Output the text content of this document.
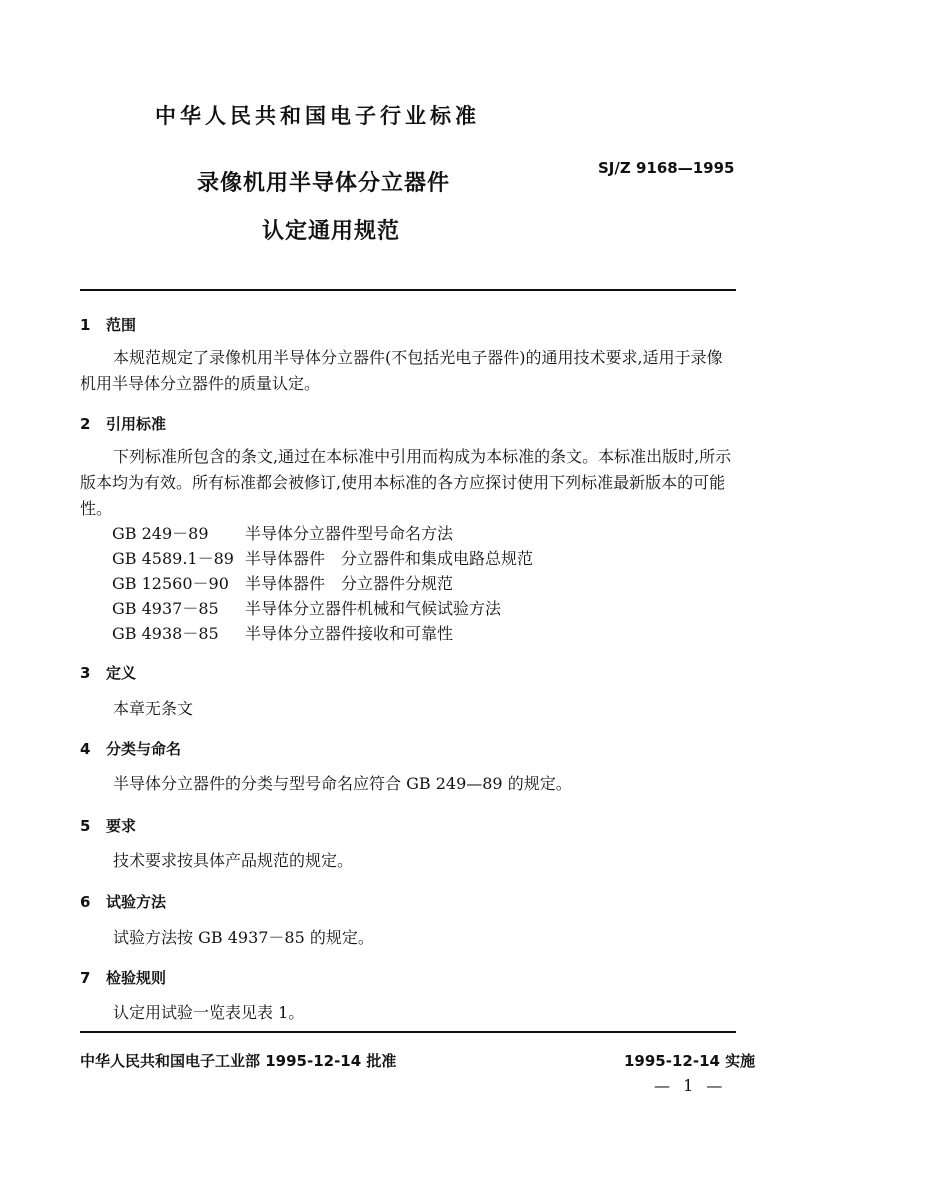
中华人民共和国电子行业标准
SJ/Z 9168—1995
录像机用半导体分立器件
认定通用规范
1 范围
本规范规定了录像机用半导体分立器件(不包括光电子器件)的通用技术要求,适用于录像机用半导体分立器件的质量认定。
2 引用标准
下列标准所包含的条文,通过在本标准中引用而构成为本标准的条文。本标准出版时,所示版本均为有效。所有标准都会被修订,使用本标准的各方应探讨使用下列标准最新版本的可能性。
GB 249－89 半导体分立器件型号命名方法
GB 4589.1－89 半导体器件　分立器件和集成电路总规范
GB 12560－90 半导体器件　分立器件分规范
GB 4937－85 半导体分立器件机械和气候试验方法
GB 4938－85 半导体分立器件接收和可靠性
3 定义
本章无条文
4 分类与命名
半导体分立器件的分类与型号命名应符合 GB 249—89 的规定。
5 要求
技术要求按具体产品规范的规定。
6 试验方法
试验方法按 GB 4937－85 的规定。
7 检验规则
认定用试验一览表见表 1。
中华人民共和国电子工业部 1995-12-14 批准	1995-12-14 实施
— 1 —
